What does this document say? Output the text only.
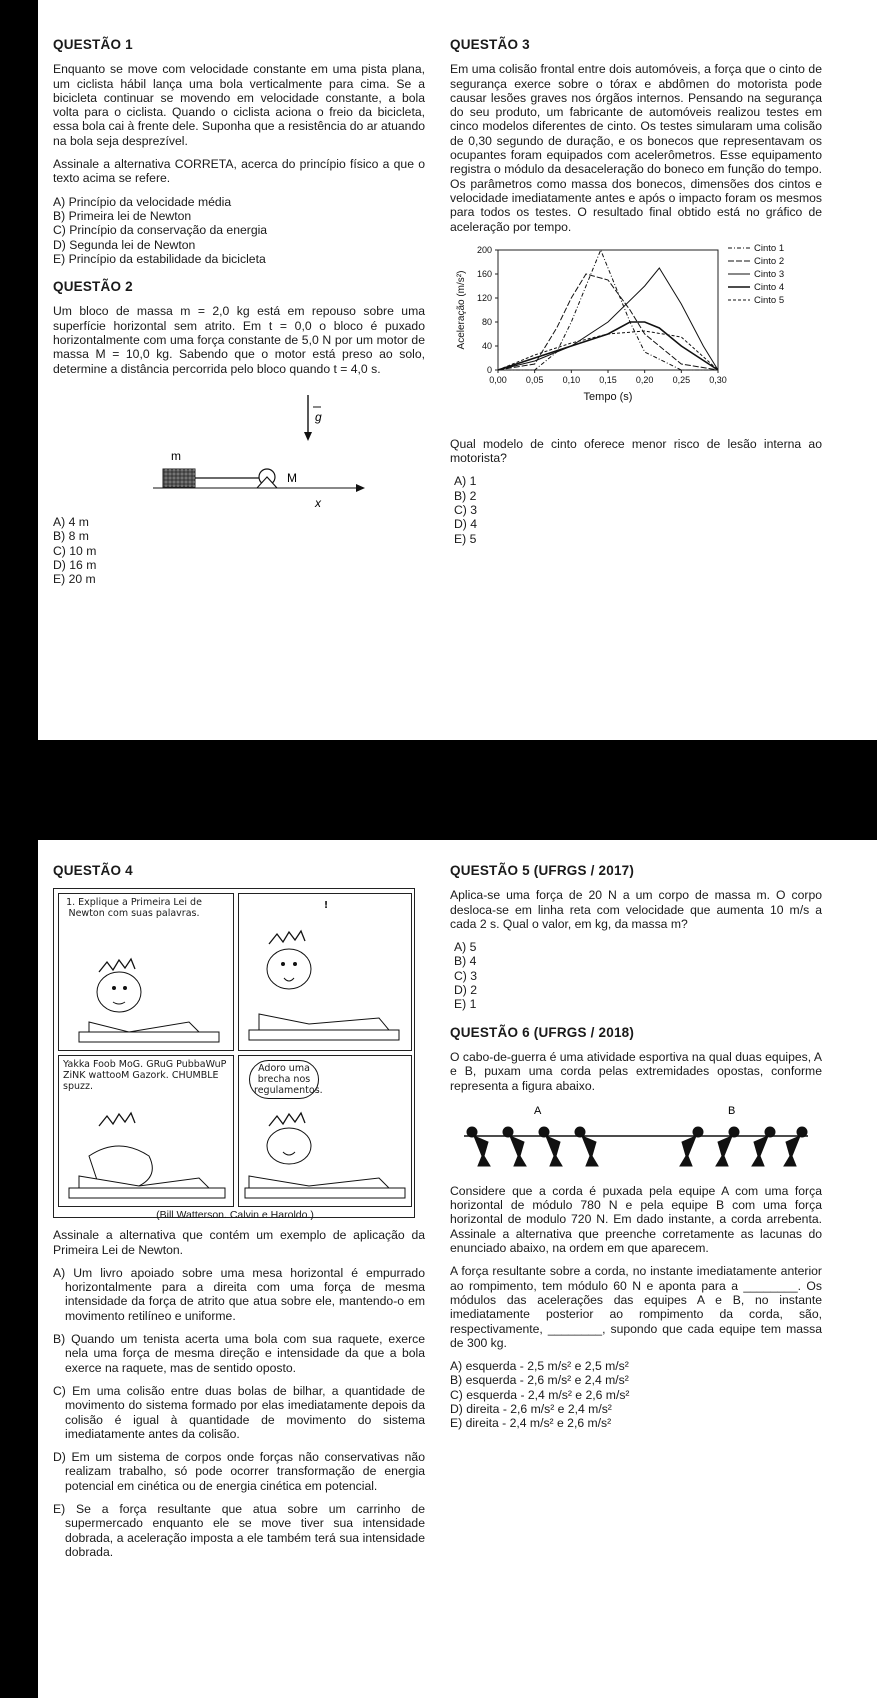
QUESTÃO 1

Enquanto se move com velocidade constante em uma pista plana, um ciclista hábil lança uma bola verticalmente para cima. Se a bicicleta continuar se movendo em velocidade constante, a bola volta para o ciclista. Quando o ciclista aciona o freio da bicicleta, essa bola cai à frente dele. Suponha que a resistência do ar atuando na bola seja desprezível.

Assinale a alternativa CORRETA, acerca do princípio físico a que o texto acima se refere.

A) Princípio da velocidade média
B) Primeira lei de Newton
C) Princípio da conservação da energia
D) Segunda lei de Newton
E) Princípio da estabilidade da bicicleta
QUESTÃO 2

Um bloco de massa m = 2,0 kg está em repouso sobre uma superfície horizontal sem atrito. Em t = 0,0 o bloco é puxado horizontalmente com uma força constante de 5,0 N por um motor de massa M = 10,0 kg. Sabendo que o motor está preso ao solo, determine a distância percorrida pelo bloco quando t = 4,0 s.

g
m
M
x
A) 4 m
B) 8 m
C) 10 m
D) 16 m
E) 20 m
QUESTÃO 3

Em uma colisão frontal entre dois automóveis, a força que o cinto de segurança exerce sobre o tórax e abdômen do motorista pode causar lesões graves nos órgãos internos. Pensando na segurança do seu produto, um fabricante de automóveis realizou testes em cinco modelos diferentes de cinto. Os testes simularam uma colisão de 0,30 segundo de duração, e os bonecos que representavam os ocupantes foram equipados com acelerômetros. Esse equipamento registra o módulo da desaceleração do boneco em função do tempo. Os parâmetros como massa dos bonecos, dimensões dos cintos e velocidade imediatamente antes e após o impacto foram os mesmos para todos os testes. O resultado final obtido está no gráfico de aceleração por tempo.

0,00 0,05 0,10 0,15 0,20 0,25 0,30
0
40
80
120
160
200
Tempo (s)
Aceleração (m/s²)
Cinto 1
Cinto 2
Cinto 3
Cinto 4
Cinto 5

Qual modelo de cinto oferece menor risco de lesão interna ao motorista?

A) 1
B) 2
C) 3
D) 4
E) 5
QUESTÃO 4
1. Explique a Primeira Lei de Newton com suas palavras.
!
Yakka Foob MoG. GRuG PubbaWuP ZiNK wattooM Gazork. CHUMBLE spuzz.
Adoro uma brecha nos regulamentos.
(Bill Watterson. Calvin e Haroldo.)

Assinale a alternativa que contém um exemplo de aplicação da Primeira Lei de Newton.

A) Um livro apoiado sobre uma mesa horizontal é empurrado horizontalmente para a direita com uma força de mesma intensidade da força de atrito que atua sobre ele, mantendo-o em movimento retilíneo e uniforme.

B) Quando um tenista acerta uma bola com sua raquete, exerce nela uma força de mesma direção e intensidade da que a bola exerce na raquete, mas de sentido oposto.

C) Em uma colisão entre duas bolas de bilhar, a quantidade de movimento do sistema formado por elas imediatamente depois da colisão é igual à quantidade de movimento do sistema imediatamente antes da colisão.

D) Em um sistema de corpos onde forças não conservativas não realizam trabalho, só pode ocorrer transformação de energia potencial em cinética ou de energia cinética em potencial.

E) Se a força resultante que atua sobre um carrinho de supermercado enquanto ele se move tiver sua intensidade dobrada, a aceleração imposta a ele também terá sua intensidade dobrada.

QUESTÃO 5 (UFRGS / 2017)

Aplica-se uma força de 20 N a um corpo de massa m. O corpo desloca-se em linha reta com velocidade que aumenta 10 m/s a cada 2 s. Qual o valor, em kg, da massa m?

A) 5
B) 4
C) 3
D) 2
E) 1
QUESTÃO 6 (UFRGS / 2018)

O cabo-de-guerra é uma atividade esportiva na qual duas equipes, A e B, puxam uma corda pelas extremidades opostas, conforme representa a figura abaixo.

A	B

Considere que a corda é puxada pela equipe A com uma força horizontal de módulo 780 N e pela equipe B com uma força horizontal de modulo 720 N. Em dado instante, a corda arrebenta. Assinale a alternativa que preenche corretamente as lacunas do enunciado abaixo, na ordem em que aparecem.

A força resultante sobre a corda, no instante imediatamente anterior ao rompimento, tem módulo 60 N e aponta para a ________. Os módulos das acelerações das equipes A e B, no instante imediatamente posterior ao rompimento da corda, são, respectivamente, ________, supondo que cada equipe tem massa de 300 kg.

A) esquerda - 2,5 m/s² e 2,5 m/s²
B) esquerda - 2,6 m/s² e 2,4 m/s²
C) esquerda - 2,4 m/s² e 2,6 m/s²
D) direita - 2,6 m/s² e 2,4 m/s²
E) direita - 2,4 m/s² e 2,6 m/s²
